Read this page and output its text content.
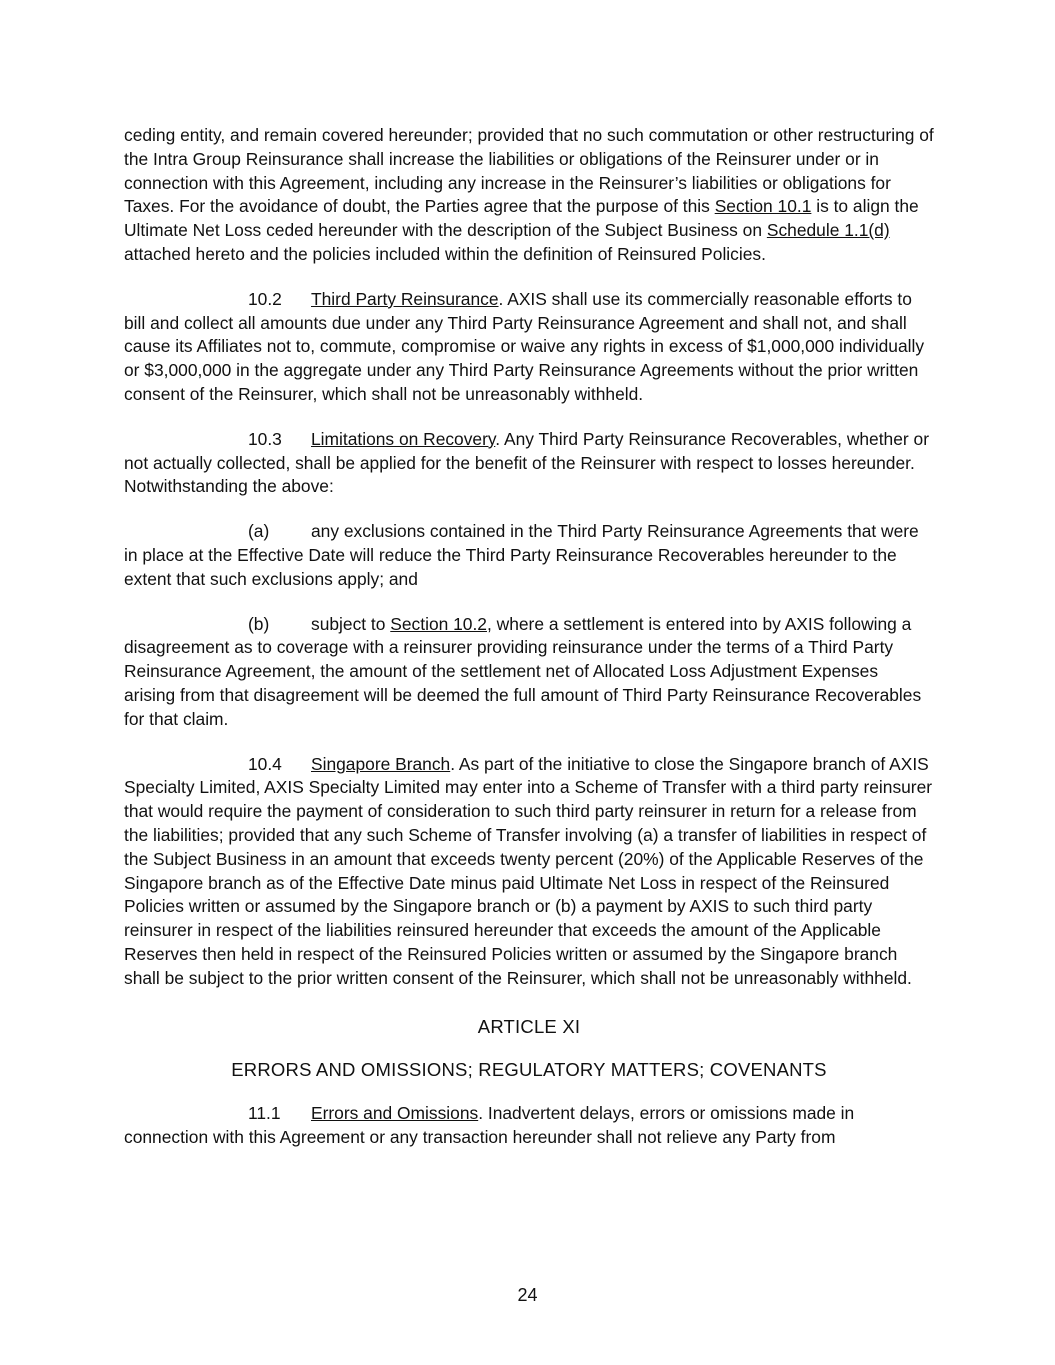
ceding entity, and remain covered hereunder; provided that no such commutation or other restructuring of the Intra Group Reinsurance shall increase the liabilities or obligations of the Reinsurer under or in connection with this Agreement, including any increase in the Reinsurer’s liabilities or obligations for Taxes. For the avoidance of doubt, the Parties agree that the purpose of this Section 10.1 is to align the Ultimate Net Loss ceded hereunder with the description of the Subject Business on Schedule 1.1(d) attached hereto and the policies included within the definition of Reinsured Policies.

10.2 Third Party Reinsurance. AXIS shall use its commercially reasonable efforts to bill and collect all amounts due under any Third Party Reinsurance Agreement and shall not, and shall cause its Affiliates not to, commute, compromise or waive any rights in excess of $1,000,000 individually or $3,000,000 in the aggregate under any Third Party Reinsurance Agreements without the prior written consent of the Reinsurer, which shall not be unreasonably withheld.

10.3 Limitations on Recovery. Any Third Party Reinsurance Recoverables, whether or not actually collected, shall be applied for the benefit of the Reinsurer with respect to losses hereunder. Notwithstanding the above:

(a) any exclusions contained in the Third Party Reinsurance Agreements that were in place at the Effective Date will reduce the Third Party Reinsurance Recoverables hereunder to the extent that such exclusions apply; and

(b) subject to Section 10.2, where a settlement is entered into by AXIS following a disagreement as to coverage with a reinsurer providing reinsurance under the terms of a Third Party Reinsurance Agreement, the amount of the settlement net of Allocated Loss Adjustment Expenses arising from that disagreement will be deemed the full amount of Third Party Reinsurance Recoverables for that claim.

10.4 Singapore Branch. As part of the initiative to close the Singapore branch of AXIS Specialty Limited, AXIS Specialty Limited may enter into a Scheme of Transfer with a third party reinsurer that would require the payment of consideration to such third party reinsurer in return for a release from the liabilities; provided that any such Scheme of Transfer involving (a) a transfer of liabilities in respect of the Subject Business in an amount that exceeds twenty percent (20%) of the Applicable Reserves of the Singapore branch as of the Effective Date minus paid Ultimate Net Loss in respect of the Reinsured Policies written or assumed by the Singapore branch or (b) a payment by AXIS to such third party reinsurer in respect of the liabilities reinsured hereunder that exceeds the amount of the Applicable Reserves then held in respect of the Reinsured Policies written or assumed by the Singapore branch shall be subject to the prior written consent of the Reinsurer, which shall not be unreasonably withheld.

ARTICLE XI
ERRORS AND OMISSIONS; REGULATORY MATTERS; COVENANTS

11.1 Errors and Omissions. Inadvertent delays, errors or omissions made in connection with this Agreement or any transaction hereunder shall not relieve any Party from

24
